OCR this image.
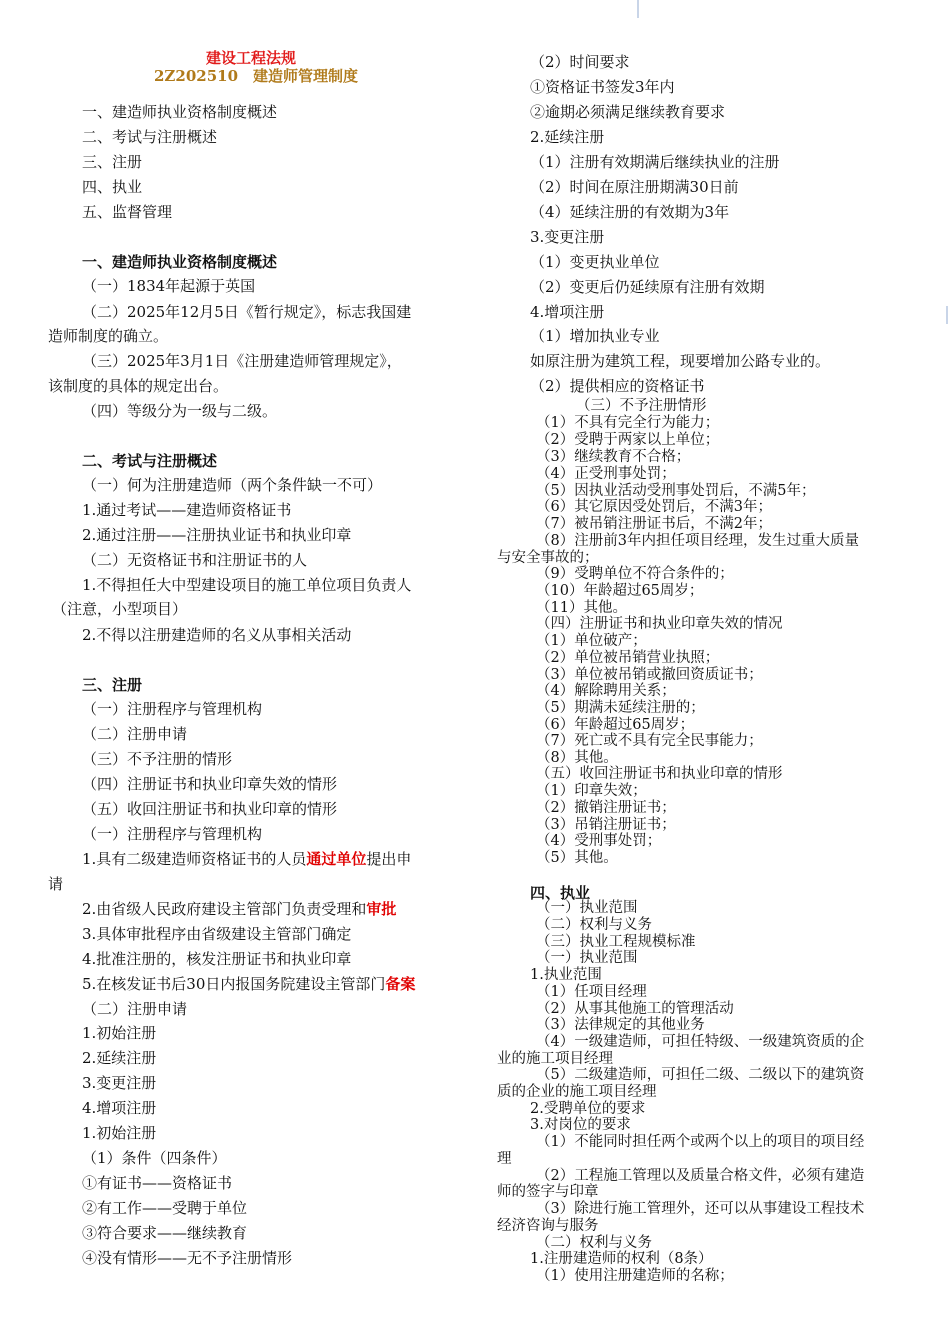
建设工程法规
2Z202510　建造师管理制度
一、建造师执业资格制度概述
二、考试与注册概述
三、注册
四、执业
五、监督管理
一、建造师执业资格制度概述
（一）1834年起源于英国
（二）2025年12月5日《暂行规定》，标志我国建
造师制度的确立。
（三）2025年3月1日《注册建造师管理规定》，
该制度的具体的规定出台。
（四）等级分为一级与二级。
二、考试与注册概述
（一）何为注册建造师（两个条件缺一不可）
1.通过考试——建造师资格证书
2.通过注册——注册执业证书和执业印章
（二）无资格证书和注册证书的人
1.不得担任大中型建设项目的施工单位项目负责人
（注意，小型项目）
2.不得以注册建造师的名义从事相关活动
三、注册
（一）注册程序与管理机构
（二）注册申请
（三）不予注册的情形
（四）注册证书和执业印章失效的情形
（五）收回注册证书和执业印章的情形
（一）注册程序与管理机构
1.具有二级建造师资格证书的人员通过单位提出申
请
2.由省级人民政府建设主管部门负责受理和审批
3.具体审批程序由省级建设主管部门确定
4.批准注册的，核发注册证书和执业印章
5.在核发证书后30日内报国务院建设主管部门备案
（二）注册申请
1.初始注册
2.延续注册
3.变更注册
4.增项注册
1.初始注册
（1）条件（四条件）
①有证书——资格证书
②有工作——受聘于单位
③符合要求——继续教育
④没有情形——无不予注册情形
（2）时间要求
①资格证书签发3年内
②逾期必须满足继续教育要求
2.延续注册
（1）注册有效期满后继续执业的注册
（2）时间在原注册期满30日前
（4）延续注册的有效期为3年
3.变更注册
（1）变更执业单位
（2）变更后仍延续原有注册有效期
4.增项注册
（1）增加执业专业
如原注册为建筑工程，现要增加公路专业的。
（2）提供相应的资格证书
（三）不予注册情形
（1）不具有完全行为能力；
（2）受聘于两家以上单位；
（3）继续教育不合格；
（4）正受刑事处罚；
（5）因执业活动受刑事处罚后，不满5年；
（6）其它原因受处罚后，不满3年；
（7）被吊销注册证书后，不满2年；
（8）注册前3年内担任项目经理，发生过重大质量
与安全事故的；
（9）受聘单位不符合条件的；
（10）年龄超过65周岁；
（11）其他。
（四）注册证书和执业印章失效的情况
（1）单位破产；
（2）单位被吊销营业执照；
（3）单位被吊销或撤回资质证书；
（4）解除聘用关系；
（5）期满未延续注册的；
（6）年龄超过65周岁；
（7）死亡或不具有完全民事能力；
（8）其他。
（五）收回注册证书和执业印章的情形
（1）印章失效；
（2）撤销注册证书；
（3）吊销注册证书；
（4）受刑事处罚；
（5）其他。
四、执业
（一）执业范围
（二）权利与义务
（三）执业工程规模标准
（一）执业范围
1.执业范围
（1）任项目经理
（2）从事其他施工的管理活动
（3）法律规定的其他业务
（4）一级建造师，可担任特级、一级建筑资质的企
业的施工项目经理
（5）二级建造师，可担任二级、二级以下的建筑资
质的企业的施工项目经理
2.受聘单位的要求
3.对岗位的要求
（1）不能同时担任两个或两个以上的项目的项目经
理
（2）工程施工管理以及质量合格文件，必须有建造
师的签字与印章
（3）除进行施工管理外，还可以从事建设工程技术
经济咨询与服务
（二）权利与义务
1.注册建造师的权利（8条）
（1）使用注册建造师的名称；
